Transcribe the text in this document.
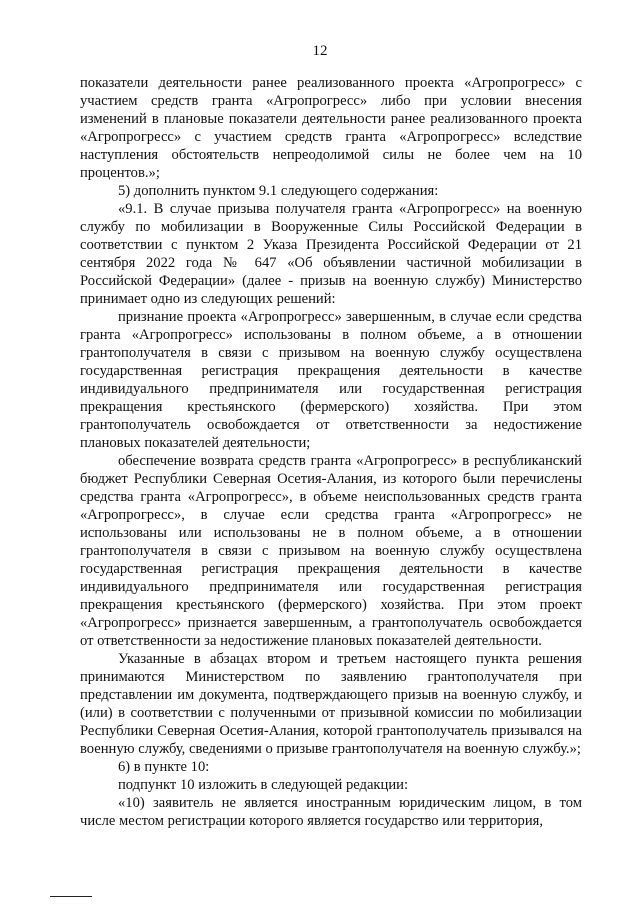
12

показатели деятельности ранее реализованного проекта «Агропрогресс» с участием средств гранта «Агропрогресс» либо при условии внесения изменений в плановые показатели деятельности ранее реализованного проекта «Агропрогресс» с участием средств гранта «Агропрогресс» вследствие наступления обстоятельств непреодолимой силы не более чем на 10 процентов.»;

5) дополнить пунктом 9.1 следующего содержания:

«9.1. В случае призыва получателя гранта «Агропрогресс» на военную службу по мобилизации в Вооруженные Силы Российской Федерации в соответствии с пунктом 2 Указа Президента Российской Федерации от 21 сентября 2022 года № 647 «Об объявлении частичной мобилизации в Российской Федерации» (далее - призыв на военную службу) Министерство принимает одно из следующих решений:

признание проекта «Агропрогресс» завершенным, в случае если средства гранта «Агропрогресс» использованы в полном объеме, а в отношении грантополучателя в связи с призывом на военную службу осуществлена государственная регистрация прекращения деятельности в качестве индивидуального предпринимателя или государственная регистрация прекращения крестьянского (фермерского) хозяйства. При этом грантополучатель освобождается от ответственности за недостижение плановых показателей деятельности;

обеспечение возврата средств гранта «Агропрогресс» в республиканский бюджет Республики Северная Осетия-Алания, из которого были перечислены средства гранта «Агропрогресс», в объеме неиспользованных средств гранта «Агропрогресс», в случае если средства гранта «Агропрогресс» не использованы или использованы не в полном объеме, а в отношении грантополучателя в связи с призывом на военную службу осуществлена государственная регистрация прекращения деятельности в качестве индивидуального предпринимателя или государственная регистрация прекращения крестьянского (фермерского) хозяйства. При этом проект «Агропрогресс» признается завершенным, а грантополучатель освобождается от ответственности за недостижение плановых показателей деятельности.

Указанные в абзацах втором и третьем настоящего пункта решения принимаются Министерством по заявлению грантополучателя при представлении им документа, подтверждающего призыв на военную службу, и (или) в соответствии с полученными от призывной комиссии по мобилизации Республики Северная Осетия-Алания, которой грантополучатель призывался на военную службу, сведениями о призыве грантополучателя на военную службу.»;

6) в пункте 10:

подпункт 10 изложить в следующей редакции:

«10) заявитель не является иностранным юридическим лицом, в том числе местом регистрации которого является государство или территория,
